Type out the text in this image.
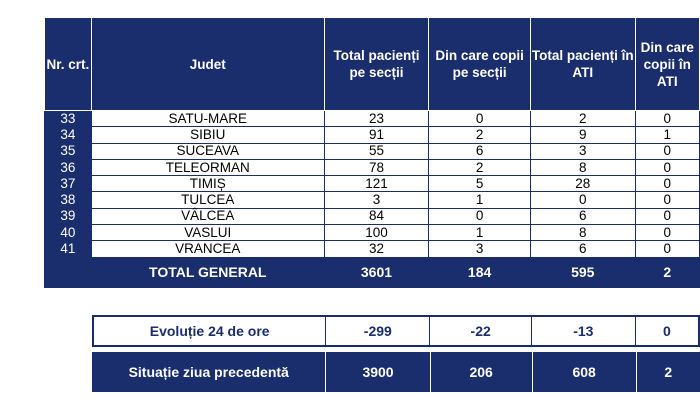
Nr. crt.	Judet	Total pacienți pe secții	Din care copii pe secții	Total pacienți în ATI	Din care copii în ATI
33	SATU-MARE	23	0	2	0
34	SIBIU	91	2	9	1
35	SUCEAVA	55	6	3	0
36	TELEORMAN	78	2	8	0
37	TIMIȘ	121	5	28	0
38	TULCEA	3	1	0	0
39	VÂLCEA	84	0	6	0
40	VASLUI	100	1	8	0
41	VRANCEA	32	3	6	0
	TOTAL GENERAL	3601	184	595	2
Evoluție 24 de ore	-299	-22	-13	0
Situație ziua precedentă	3900	206	608	2
